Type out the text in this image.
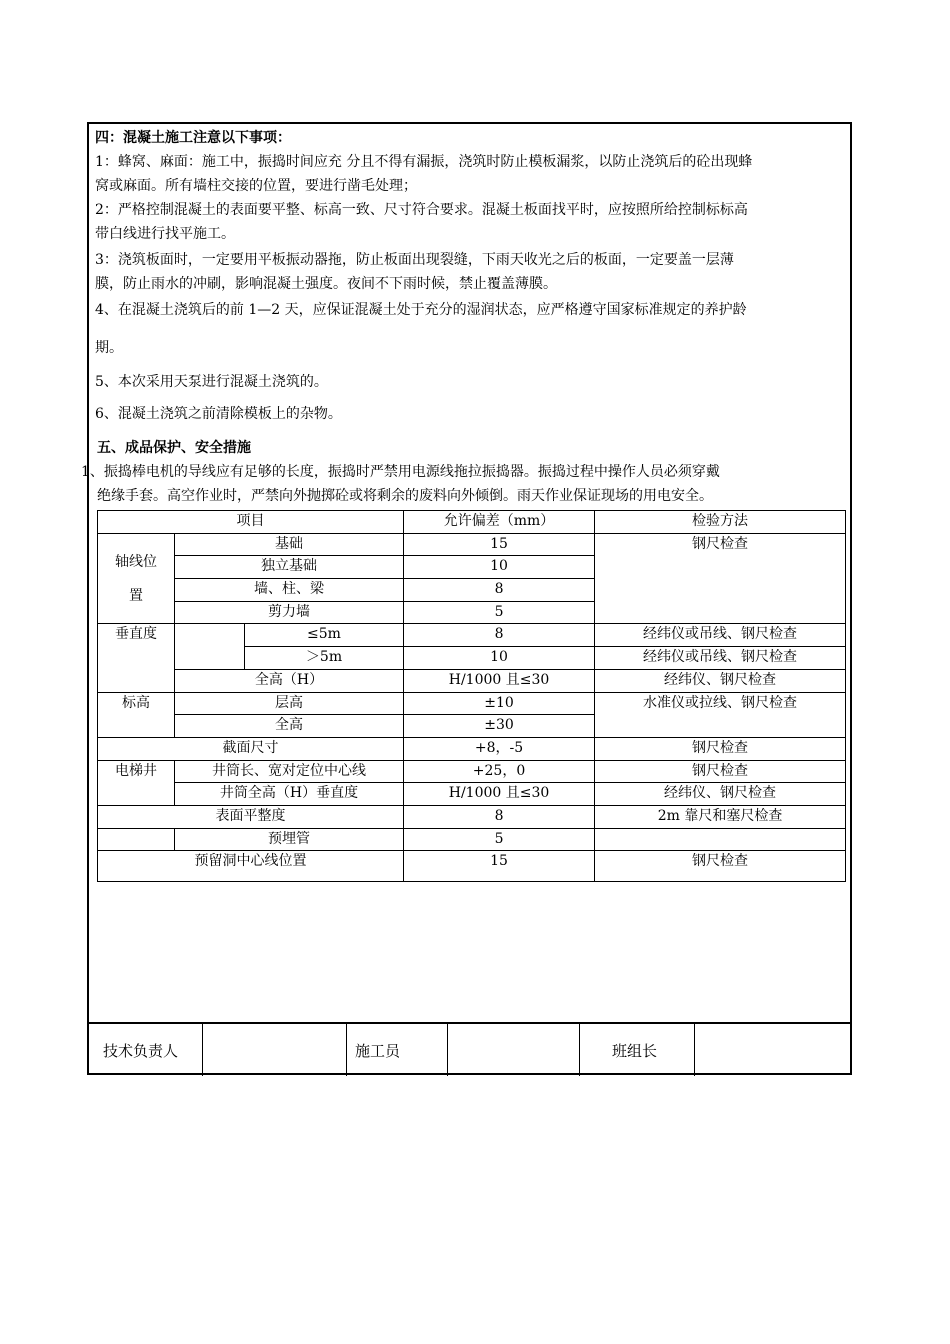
四：混凝土施工注意以下事项：
1：蜂窝、麻面：施工中，振捣时间应充 分且不得有漏振，浇筑时防止模板漏浆，以防止浇筑后的砼出现蜂
窝或麻面。所有墙柱交接的位置，要进行凿毛处理；
2：严格控制混凝土的表面要平整、标高一致、尺寸符合要求。混凝土板面找平时，应按照所给控制标标高
带白线进行找平施工。
3：浇筑板面时，一定要用平板振动器拖，防止板面出现裂缝，下雨天收光之后的板面，一定要盖一层薄
膜，防止雨水的冲刷，影响混凝土强度。夜间不下雨时候，禁止覆盖薄膜。
4、在混凝土浇筑后的前 1—2 天，应保证混凝土处于充分的湿润状态，应严格遵守国家标准规定的养护龄
期。
5、本次采用天泵进行混凝土浇筑的。
6、混凝土浇筑之前清除模板上的杂物。
五、成品保护、安全措施
1、振捣棒电机的导线应有足够的长度，振捣时严禁用电源线拖拉振捣器。振捣过程中操作人员必须穿戴
绝缘手套。高空作业时，严禁向外抛掷砼或将剩余的废料向外倾倒。雨天作业保证现场的用电安全。
项目			允许偏差（mm）	检验方法
轴线位
置	基础		15	钢尺检查
	独立基础		10	
	墙、柱、梁		8	
	剪力墙		5	
垂直度		≤5m	8	经纬仪或吊线、钢尺检查
		＞5m	10	经纬仪或吊线、钢尺检查
	全高（H）		H/1000 且≤30	经纬仪、钢尺检查
标高	层高		±10	水准仪或拉线、钢尺检查
	全高		±30	
截面尺寸			+8，-5	钢尺检查
电梯井	井筒长、宽对定位中心线		+25，0	钢尺检查
	井筒全高（H）垂直度		H/1000 且≤30	经纬仪、钢尺检查
表面平整度			8	2m 靠尺和塞尺检查
	预埋管		5	
预留洞中心线位置			15	钢尺检查
技术负责人	施工员	班组长
